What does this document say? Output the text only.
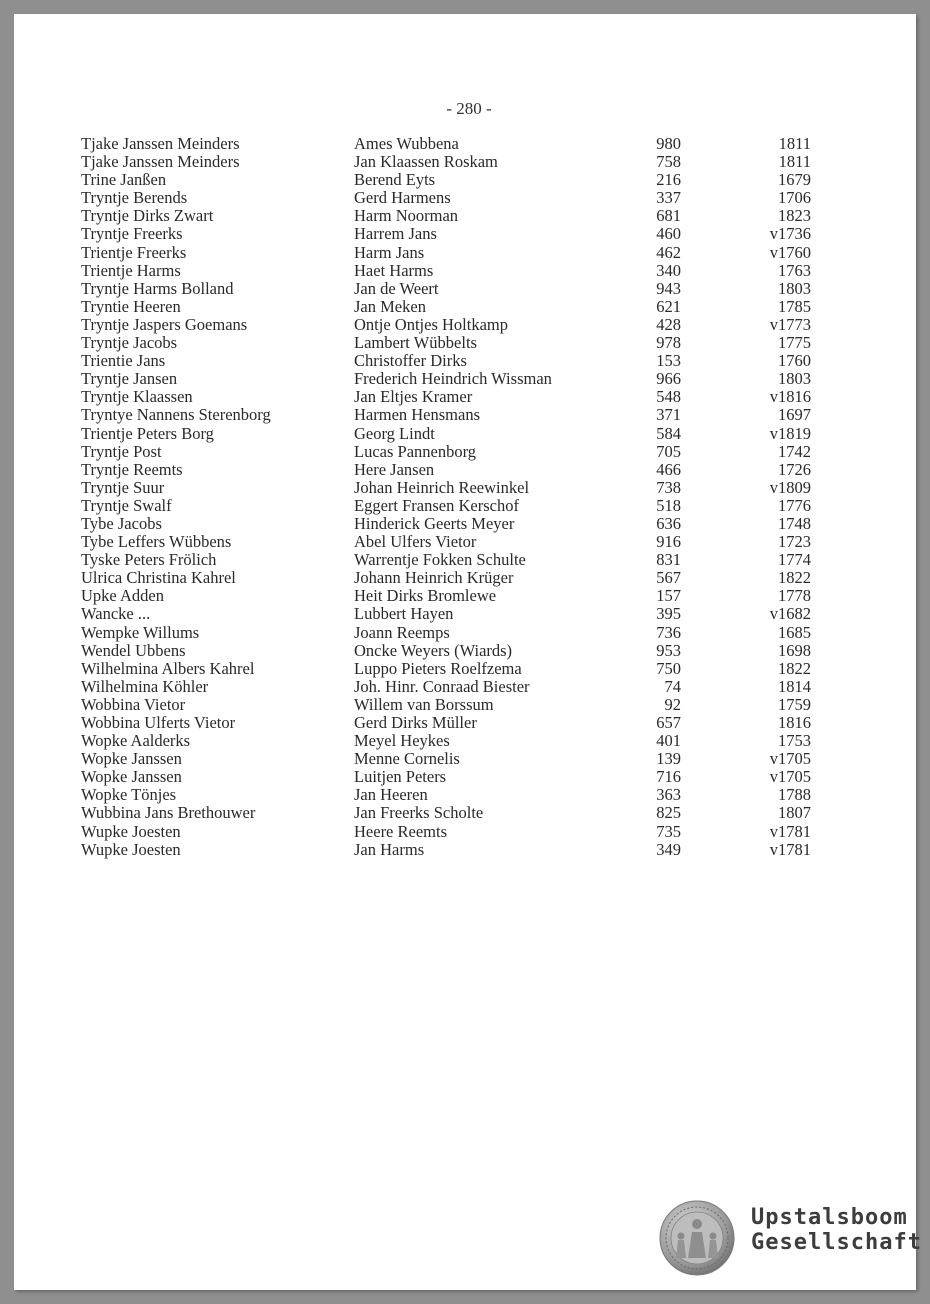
- 280 -
Tjake Janssen Meinders	Ames Wubbena	980	1811
Tjake Janssen Meinders	Jan Klaassen Roskam	758	1811
Trine Janßen	Berend Eyts	216	1679
Tryntje Berends	Gerd Harmens	337	1706
Tryntje Dirks Zwart	Harm Noorman	681	1823
Tryntje Freerks	Harrem Jans	460	v1736
Trientje Freerks	Harm Jans	462	v1760
Trientje Harms	Haet Harms	340	1763
Tryntje Harms Bolland	Jan de Weert	943	1803
Tryntie Heeren	Jan Meken	621	1785
Tryntje Jaspers Goemans	Ontje Ontjes Holtkamp	428	v1773
Tryntje Jacobs	Lambert Wübbelts	978	1775
Trientie Jans	Christoffer Dirks	153	1760
Tryntje Jansen	Frederich Heindrich Wissman	966	1803
Tryntje Klaassen	Jan Eltjes Kramer	548	v1816
Tryntye Nannens Sterenborg	Harmen Hensmans	371	1697
Trientje Peters Borg	Georg Lindt	584	v1819
Tryntje Post	Lucas Pannenborg	705	1742
Tryntje Reemts	Here Jansen	466	1726
Tryntje Suur	Johan Heinrich Reewinkel	738	v1809
Tryntje Swalf	Eggert Fransen Kerschof	518	1776
Tybe Jacobs	Hinderick Geerts Meyer	636	1748
Tybe Leffers Wübbens	Abel Ulfers Vietor	916	1723
Tyske Peters Frölich	Warrentje Fokken Schulte	831	1774
Ulrica Christina Kahrel	Johann Heinrich Krüger	567	1822
Upke Adden	Heit Dirks Bromlewe	157	1778
Wancke ...	Lubbert Hayen	395	v1682
Wempke Willums	Joann Reemps	736	1685
Wendel Ubbens	Oncke Weyers (Wiards)	953	1698
Wilhelmina Albers Kahrel	Luppo Pieters Roelfzema	750	1822
Wilhelmina Köhler	Joh. Hinr. Conraad Biester	74	1814
Wobbina Vietor	Willem van Borssum	92	1759
Wobbina Ulferts Vietor	Gerd Dirks Müller	657	1816
Wopke Aalderks	Meyel Heykes	401	1753
Wopke Janssen	Menne Cornelis	139	v1705
Wopke Janssen	Luitjen Peters	716	v1705
Wopke Tönjes	Jan Heeren	363	1788
Wubbina Jans Brethouwer	Jan Freerks Scholte	825	1807
Wupke Joesten	Heere Reemts	735	v1781
Wupke Joesten	Jan Harms	349	v1781
Upstalsboom
Gesellschaft
